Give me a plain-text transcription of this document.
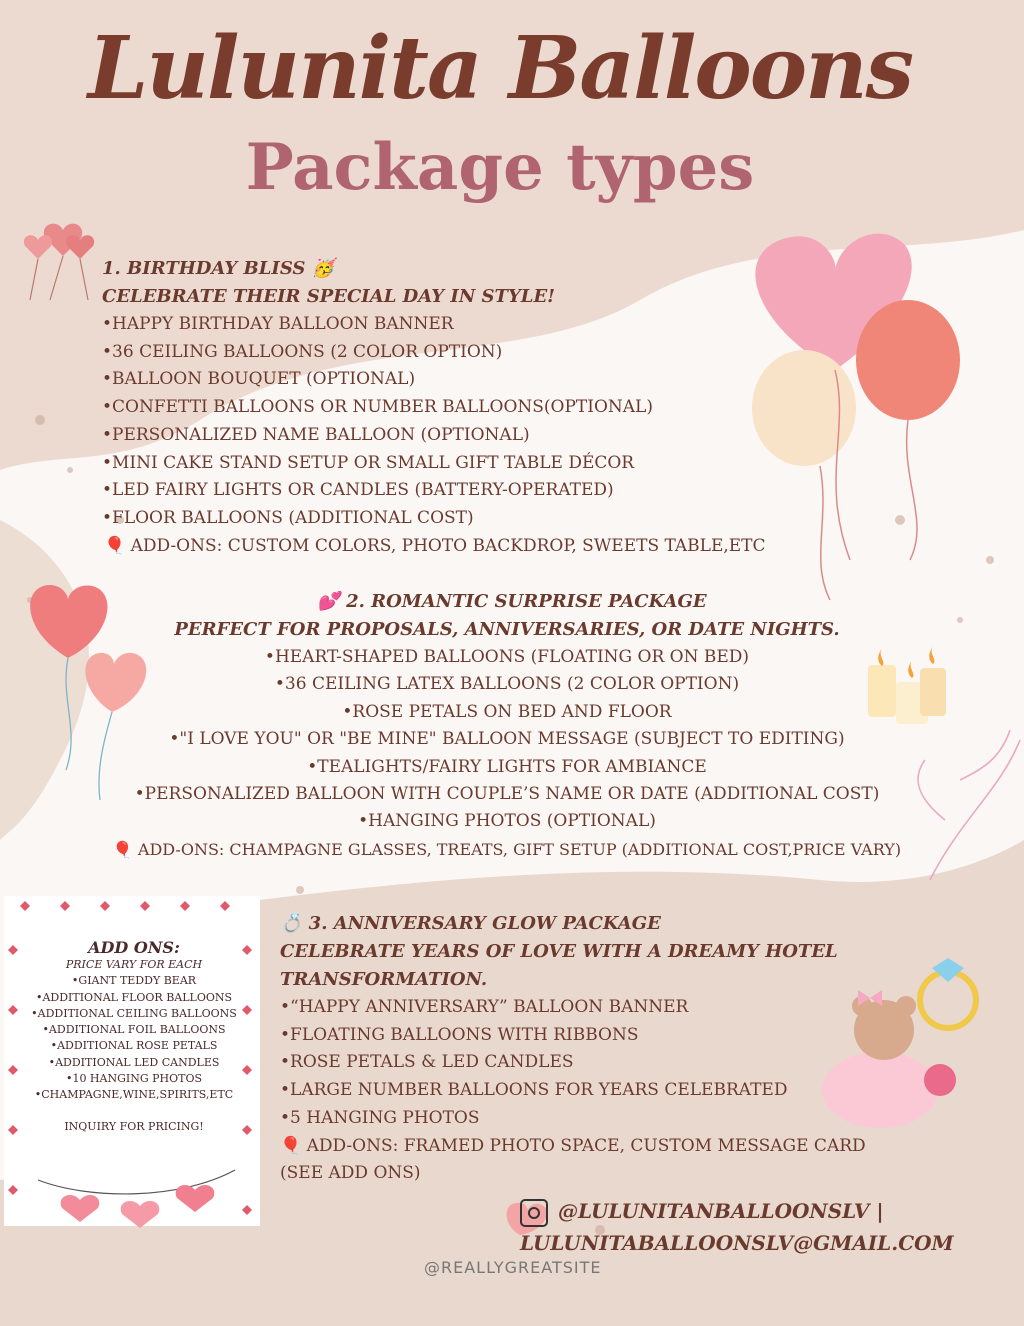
Lulunita Balloons
Package types

1. BIRTHDAY BLISS 🥳

CELEBRATE THEIR SPECIAL DAY IN STYLE!

•HAPPY BIRTHDAY BALLOON BANNER

•36 CEILING BALLOONS (2 COLOR OPTION)

•BALLOON BOUQUET (OPTIONAL)

•CONFETTI BALLOONS OR NUMBER BALLOONS(OPTIONAL)

•PERSONALIZED NAME BALLOON (OPTIONAL)

•MINI CAKE STAND SETUP OR SMALL GIFT TABLE DÉCOR

•LED FAIRY LIGHTS OR CANDLES (BATTERY-OPERATED)

•FLOOR BALLOONS (ADDITIONAL COST)

🎈 ADD-ONS: CUSTOM COLORS, PHOTO BACKDROP, SWEETS TABLE,ETC

💕 2. ROMANTIC SURPRISE PACKAGE

PERFECT FOR PROPOSALS, ANNIVERSARIES, OR DATE NIGHTS.

•HEART-SHAPED BALLOONS (FLOATING OR ON BED)

•36 CEILING LATEX BALLOONS (2 COLOR OPTION)

•ROSE PETALS ON BED AND FLOOR

•"I LOVE YOU" OR "BE MINE" BALLOON MESSAGE (SUBJECT TO EDITING)

•TEALIGHTS/FAIRY LIGHTS FOR AMBIANCE

•PERSONALIZED BALLOON WITH COUPLE’S NAME OR DATE (ADDITIONAL COST)

•HANGING PHOTOS (OPTIONAL)

🎈 ADD-ONS: CHAMPAGNE GLASSES, TREATS, GIFT SETUP (ADDITIONAL COST,PRICE VARY)

ADD ONS:
PRICE VARY FOR EACH
•GIANT TEDDY BEAR
•ADDITIONAL FLOOR BALLOONS
•ADDITIONAL CEILING BALLOONS
•ADDITIONAL FOIL BALLOONS
•ADDITIONAL ROSE PETALS
•ADDITIONAL LED CANDLES
•10 HANGING PHOTOS
•CHAMPAGNE,WINE,SPIRITS,ETC
INQUIRY FOR PRICING!

💍 3. ANNIVERSARY GLOW PACKAGE

CELEBRATE YEARS OF LOVE WITH A DREAMY HOTEL TRANSFORMATION.

•“HAPPY ANNIVERSARY” BALLOON BANNER

•FLOATING BALLOONS WITH RIBBONS

•ROSE PETALS & LED CANDLES

•LARGE NUMBER BALLOONS FOR YEARS CELEBRATED

•5 HANGING PHOTOS

🎈 ADD-ONS: FRAMED PHOTO SPACE, CUSTOM MESSAGE CARD (SEE ADD ONS)

@LULUNITANBALLOONSLV |
LULUNITABALLOONSLV@GMAIL.COM
@REALLYGREATSITE
